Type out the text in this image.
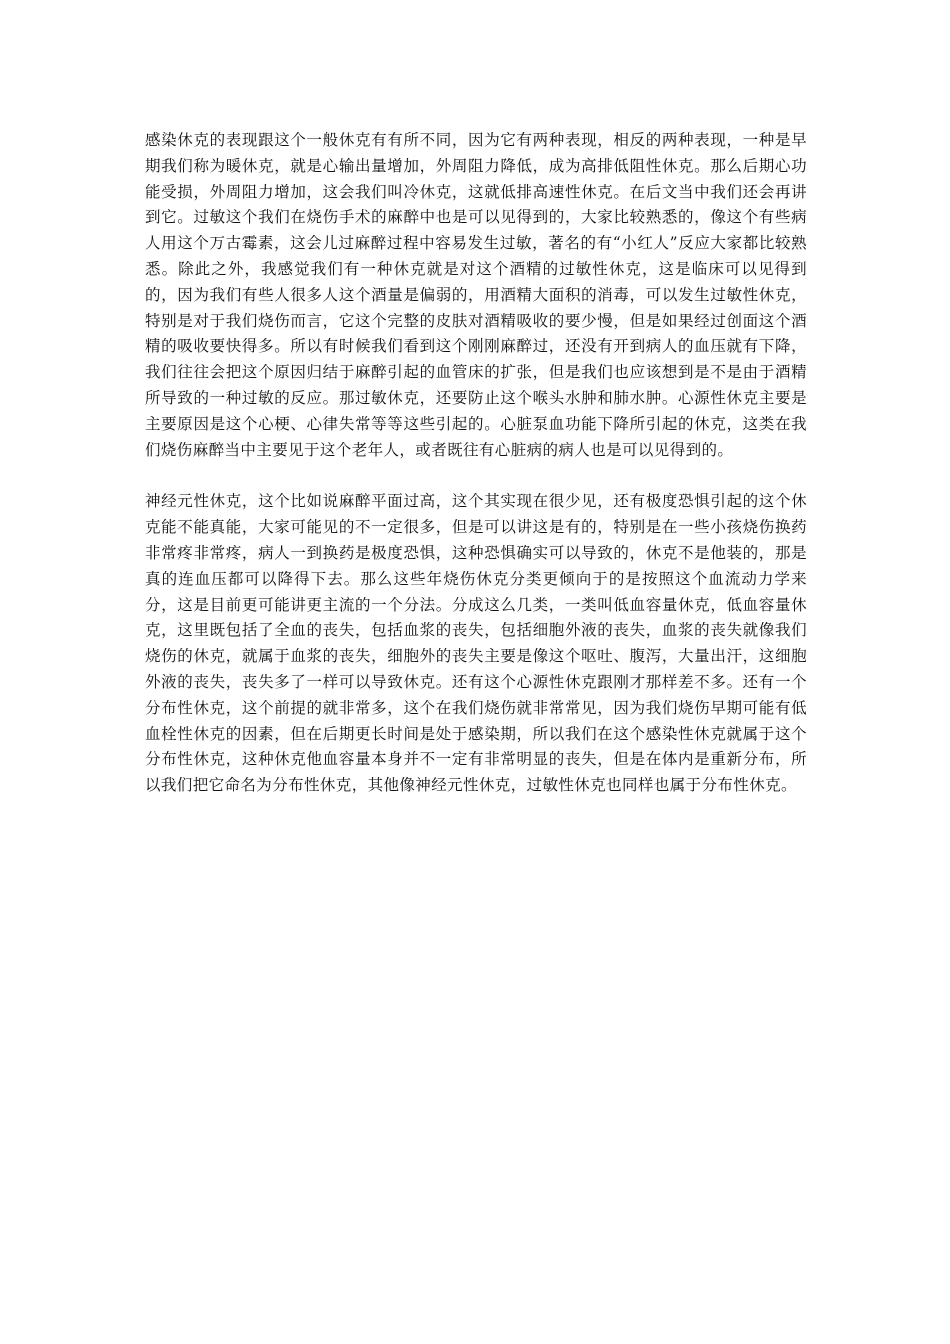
感染休克的表现跟这个一般休克有有所不同，因为它有两种表现，相反的两种表现，一种是早期我们称为暖休克，就是心输出量增加，外周阻力降低，成为高排低阻性休克。那么后期心功能受损，外周阻力增加，这会我们叫冷休克，这就低排高速性休克。在后文当中我们还会再讲到它。过敏这个我们在烧伤手术的麻醉中也是可以见得到的，大家比较熟悉的，像这个有些病人用这个万古霉素，这会儿过麻醉过程中容易发生过敏，著名的有“小红人”反应大家都比较熟悉。除此之外，我感觉我们有一种休克就是对这个酒精的过敏性休克，这是临床可以见得到的，因为我们有些人很多人这个酒量是偏弱的，用酒精大面积的消毒，可以发生过敏性休克，特别是对于我们烧伤而言，它这个完整的皮肤对酒精吸收的要少慢，但是如果经过创面这个酒精的吸收要快得多。所以有时候我们看到这个刚刚麻醉过，还没有开到病人的血压就有下降，我们往往会把这个原因归结于麻醉引起的血管床的扩张，但是我们也应该想到是不是由于酒精所导致的一种过敏的反应。那过敏休克，还要防止这个喉头水肿和肺水肿。心源性休克主要是主要原因是这个心梗、心律失常等等这些引起的。心脏泵血功能下降所引起的休克，这类在我们烧伤麻醉当中主要见于这个老年人，或者既往有心脏病的病人也是可以见得到的。

神经元性休克，这个比如说麻醉平面过高，这个其实现在很少见，还有极度恐惧引起的这个休克能不能真能，大家可能见的不一定很多，但是可以讲这是有的，特别是在一些小孩烧伤换药非常疼非常疼，病人一到换药是极度恐惧，这种恐惧确实可以导致的，休克不是他装的，那是真的连血压都可以降得下去。那么这些年烧伤休克分类更倾向于的是按照这个血流动力学来分，这是目前更可能讲更主流的一个分法。分成这么几类，一类叫低血容量休克，低血容量休克，这里既包括了全血的丧失，包括血浆的丧失，包括细胞外液的丧失，血浆的丧失就像我们烧伤的休克，就属于血浆的丧失，细胞外的丧失主要是像这个呕吐、腹泻，大量出汗，这细胞外液的丧失，丧失多了一样可以导致休克。还有这个心源性休克跟刚才那样差不多。还有一个分布性休克，这个前提的就非常多，这个在我们烧伤就非常常见，因为我们烧伤早期可能有低血栓性休克的因素，但在后期更长时间是处于感染期，所以我们在这个感染性休克就属于这个分布性休克，这种休克他血容量本身并不一定有非常明显的丧失，但是在体内是重新分布，所以我们把它命名为分布性休克，其他像神经元性休克，过敏性休克也同样也属于分布性休克。
